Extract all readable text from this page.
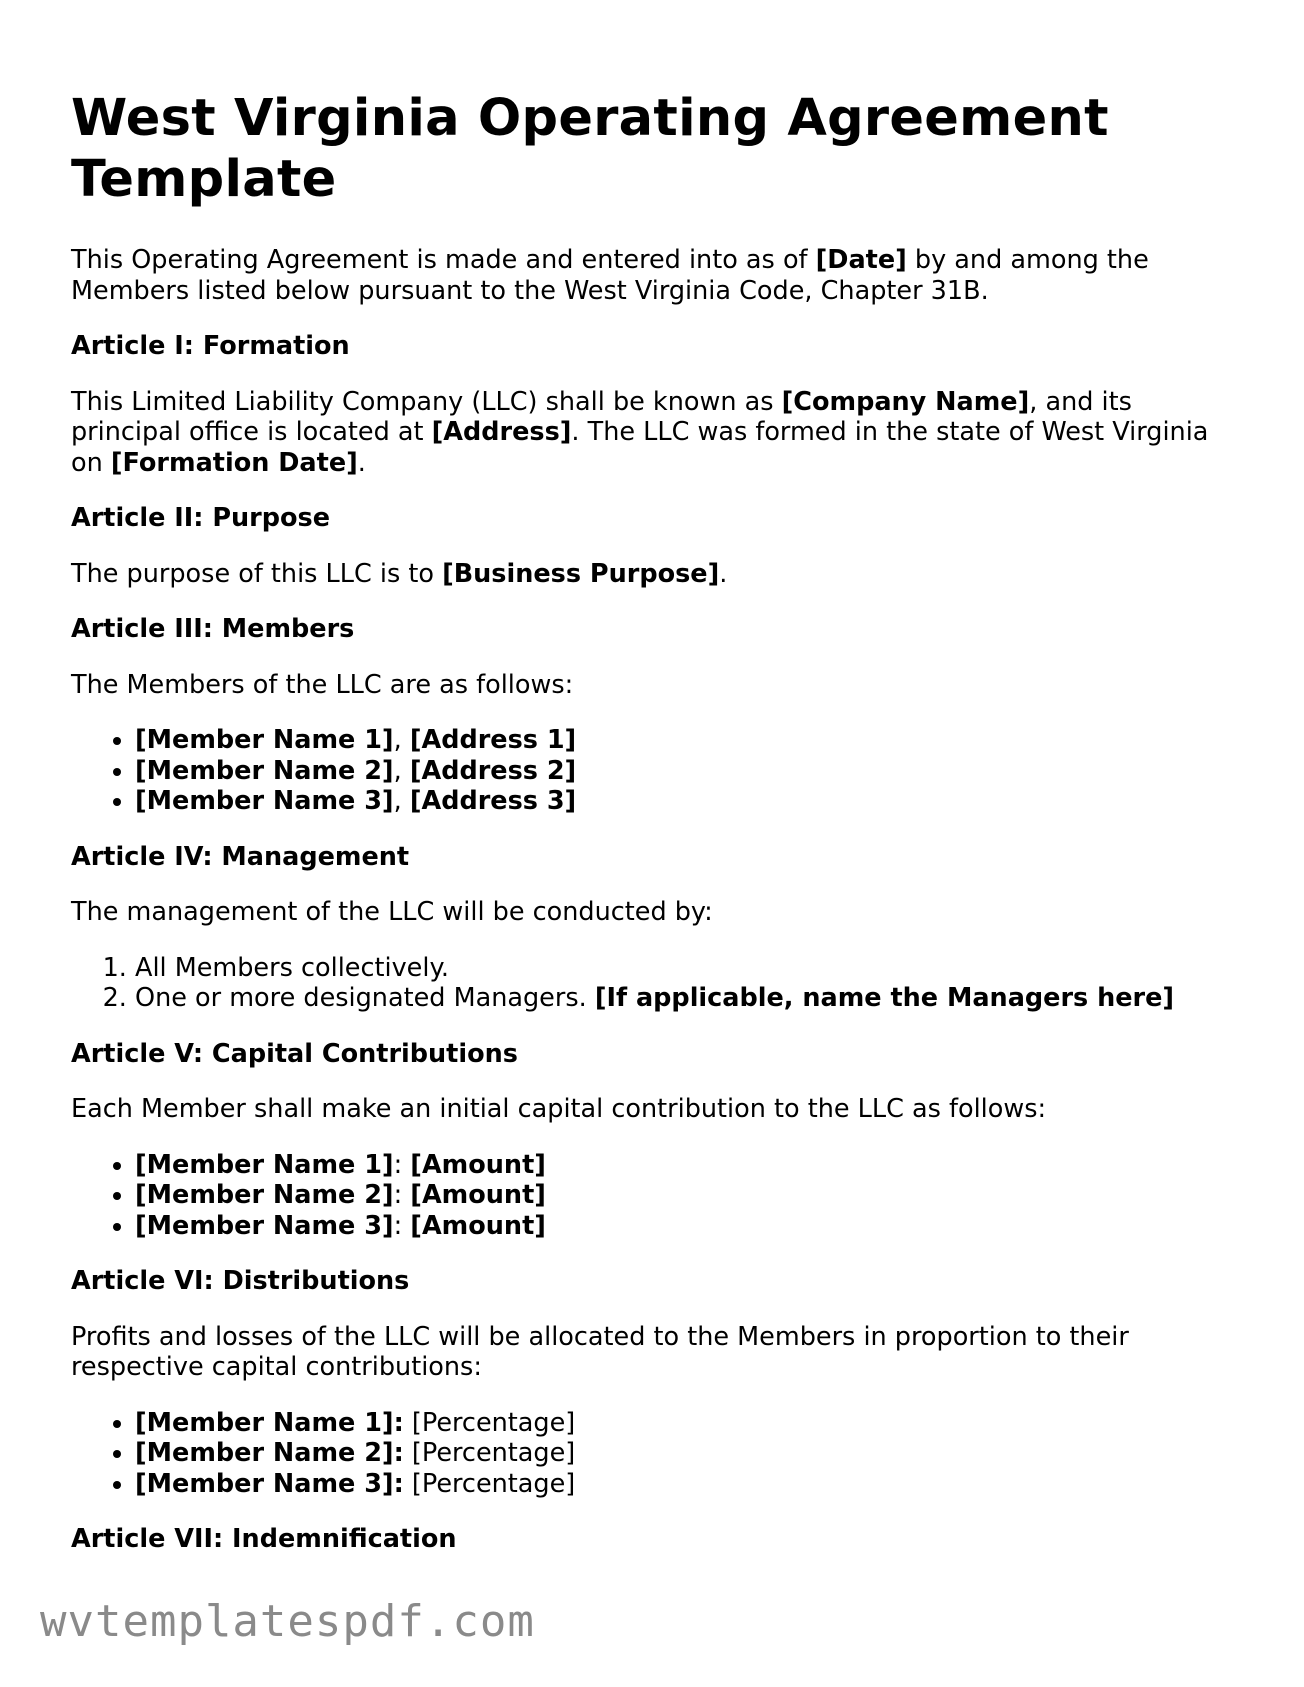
West Virginia Operating Agreement Template

This Operating Agreement is made and entered into as of [Date] by and among the Members listed below pursuant to the West Virginia Code, Chapter 31B.

Article I: Formation

This Limited Liability Company (LLC) shall be known as [Company Name], and its principal office is located at [Address]. The LLC was formed in the state of West Virginia on [Formation Date].

Article II: Purpose

The purpose of this LLC is to [Business Purpose].

Article III: Members

The Members of the LLC are as follows:

• [Member Name 1], [Address 1]
• [Member Name 2], [Address 2]
• [Member Name 3], [Address 3]
Article IV: Management

The management of the LLC will be conducted by:

1. All Members collectively.
2. One or more designated Managers. [If applicable, name the Managers here]
Article V: Capital Contributions

Each Member shall make an initial capital contribution to the LLC as follows:

• [Member Name 1]: [Amount]
• [Member Name 2]: [Amount]
• [Member Name 3]: [Amount]
Article VI: Distributions

Profits and losses of the LLC will be allocated to the Members in proportion to their respective capital contributions:

• [Member Name 1]: [Percentage]
• [Member Name 2]: [Percentage]
• [Member Name 3]: [Percentage]
Article VII: Indemnification
wvtemplatespdf.com
